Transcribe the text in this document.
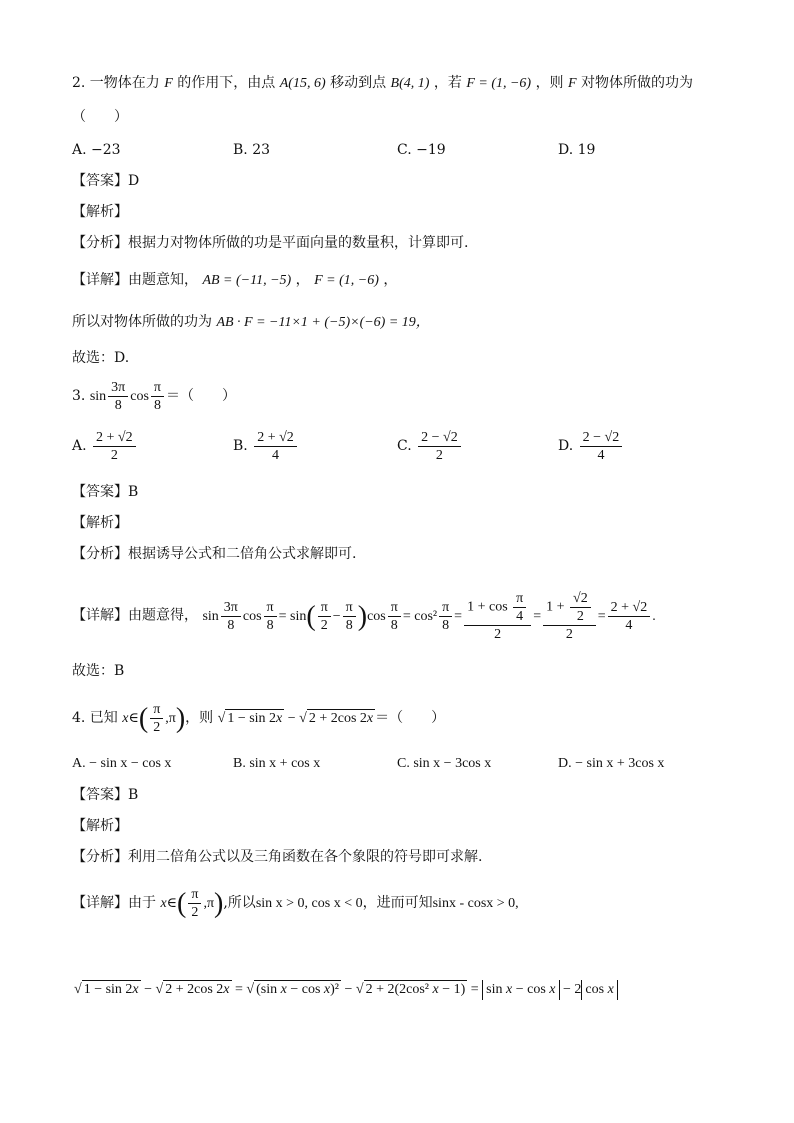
2. 一物体在力 F 的作用下，由点 A(15, 6) 移动到点 B(4, 1) ，若 F = (1, −6) ，则 F 对物体所做的功为
（　　）
A. −23	B. 23	C. −19	D. 19
【答案】D
【解析】
【分析】根据力对物体所做的功是平面向量的数量积，计算即可.
【详解】由题意知， AB = (−11, −5) ， F = (1, −6) ，
所以对物体所做的功为 AB · F = −11×1 + (−5)×(−6) = 19，
故选：D.
3. $\sin \frac{3\pi}{8}$ $\cos \frac{\pi}{8}$ ＝（　　）
A. $\frac{2 + √2}{2}$	B. $\frac{2 + √2}{4}$	C. $\frac{2 - √2}{2}$	D. $\frac{2 - √2}{4}$
【答案】B
【解析】
【分析】根据诱导公式和二倍角公式求解即可.
【详解】由题意得， $\sin \frac{3\pi}{8}$ $\cos \frac{\pi}{8} = \sin( \frac{\pi}{2} - \frac{\pi}{8} )\cos \frac{\pi}{8} = \cos^2 \frac{\pi}{8} = \frac{1 + \cos \frac{\pi}{4}}{2} = \frac{1 + \frac{√2}{2}}{2} = \frac{2 + √2}{4}$ .
故选：B
4. 已知 x∈( $\frac{\pi}{2} ,\pi$)，则 √ 1 − sin 2x − √ 2 + 2cos 2x ＝（　　）
A. − sin x − cos x	B. sin x + cos x	C. sin x − 3cos x	D. − sin x + 3cos x
【答案】B
【解析】
【分析】利用二倍角公式以及三角函数在各个象限的符号即可求解.
【详解】由于 x∈( $\frac{\pi}{2} ,\pi$),所以sin x > 0, cos x < 0，进而可知sinx - cosx > 0,
√ 1 − sin 2x − √ 2 + 2cos 2x = √ (sin x − cos x)² − √ 2 + 2(2cos² x − 1) = sin x − cos x − 2 cos x
